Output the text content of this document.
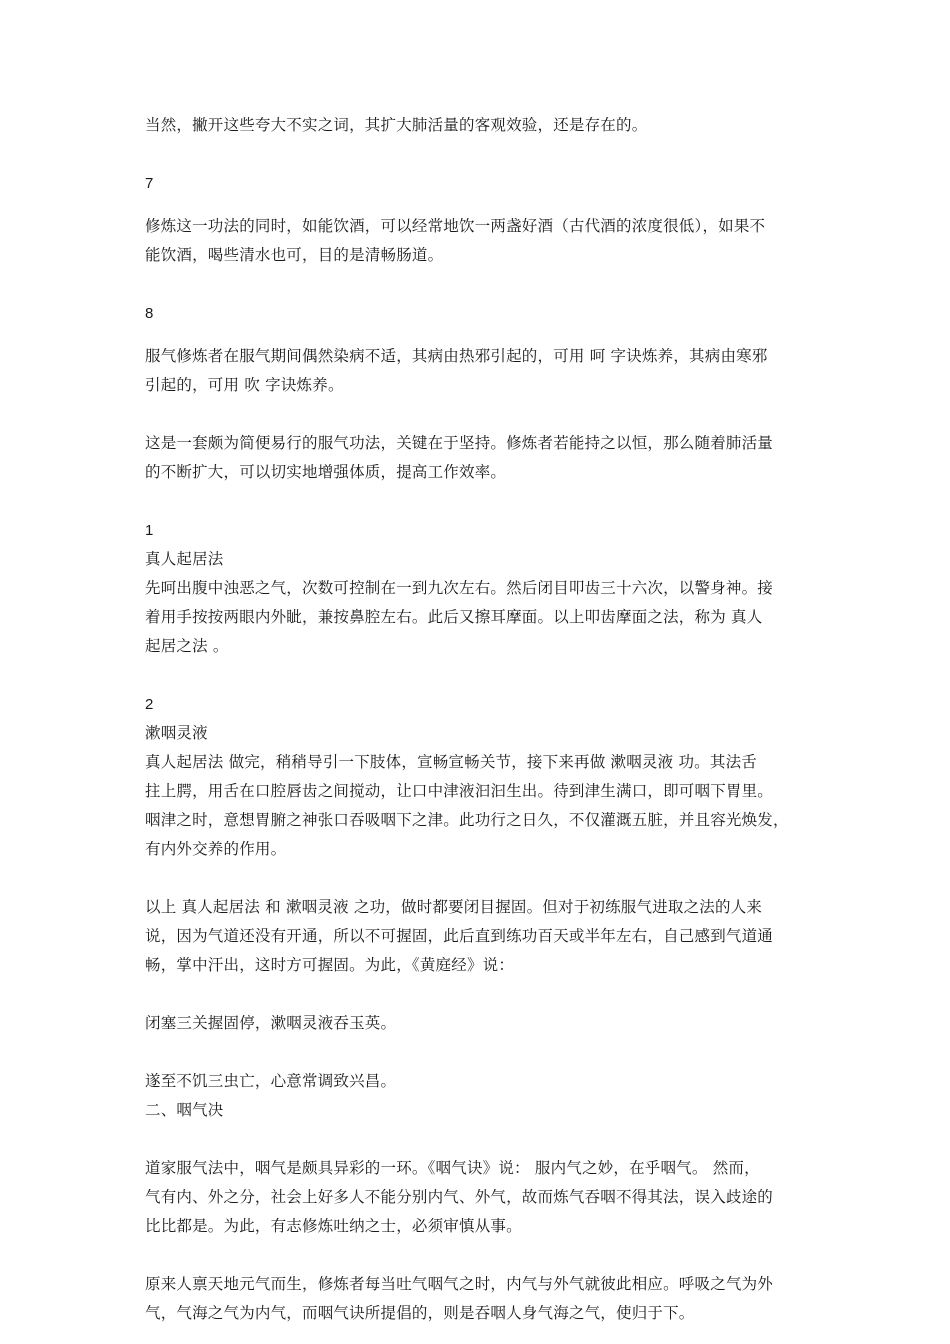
当然，撇开这些夸大不实之词，其扩大肺活量的客观效验，还是存在的。
7
修炼这一功法的同时，如能饮酒，可以经常地饮一两盏好酒（古代酒的浓度很低），如果不
能饮酒，喝些清水也可，目的是清畅肠道。
8
服气修炼者在服气期间偶然染病不适，其病由热邪引起的，可用 呵 字诀炼养，其病由寒邪
引起的，可用 吹 字诀炼养。
这是一套颇为简便易行的服气功法，关键在于坚持。修炼者若能持之以恒，那么随着肺活量
的不断扩大，可以切实地增强体质，提高工作效率。
1
真人起居法
先呵出腹中浊恶之气，次数可控制在一到九次左右。然后闭目叩齿三十六次，以警身神。接
着用手按按两眼内外眦，兼按鼻腔左右。此后又擦耳摩面。以上叩齿摩面之法，称为 真人
起居之法 。
2
漱咽灵液
真人起居法 做完，稍稍导引一下肢体，宣畅宣畅关节，接下来再做 漱咽灵液 功。其法舌
拄上腭，用舌在口腔唇齿之间搅动，让口中津液汩汩生出。待到津生满口，即可咽下胃里。
咽津之时，意想胃腑之神张口吞吸咽下之津。此功行之日久，不仅灌溉五脏，并且容光焕发，
有内外交养的作用。
以上 真人起居法 和 漱咽灵液 之功，做时都要闭目握固。但对于初练服气进取之法的人来
说，因为气道还没有开通，所以不可握固，此后直到练功百天或半年左右，自己感到气道通
畅，掌中汗出，这时方可握固。为此，《黄庭经》说：
闭塞三关握固停，漱咽灵液吞玉英。
遂至不饥三虫亡，心意常调致兴昌。
二、咽气决
道家服气法中，咽气是颇具异彩的一环。《咽气诀》说： 服内气之妙，在乎咽气。 然而，
气有内、外之分，社会上好多人不能分别内气、外气，故而炼气吞咽不得其法，误入歧途的
比比都是。为此，有志修炼吐纳之士，必须审慎从事。
原来人禀天地元气而生，修炼者每当吐气咽气之时，内气与外气就彼此相应。呼吸之气为外
气，气海之气为内气，而咽气诀所提倡的，则是吞咽人身气海之气，使归于下。
